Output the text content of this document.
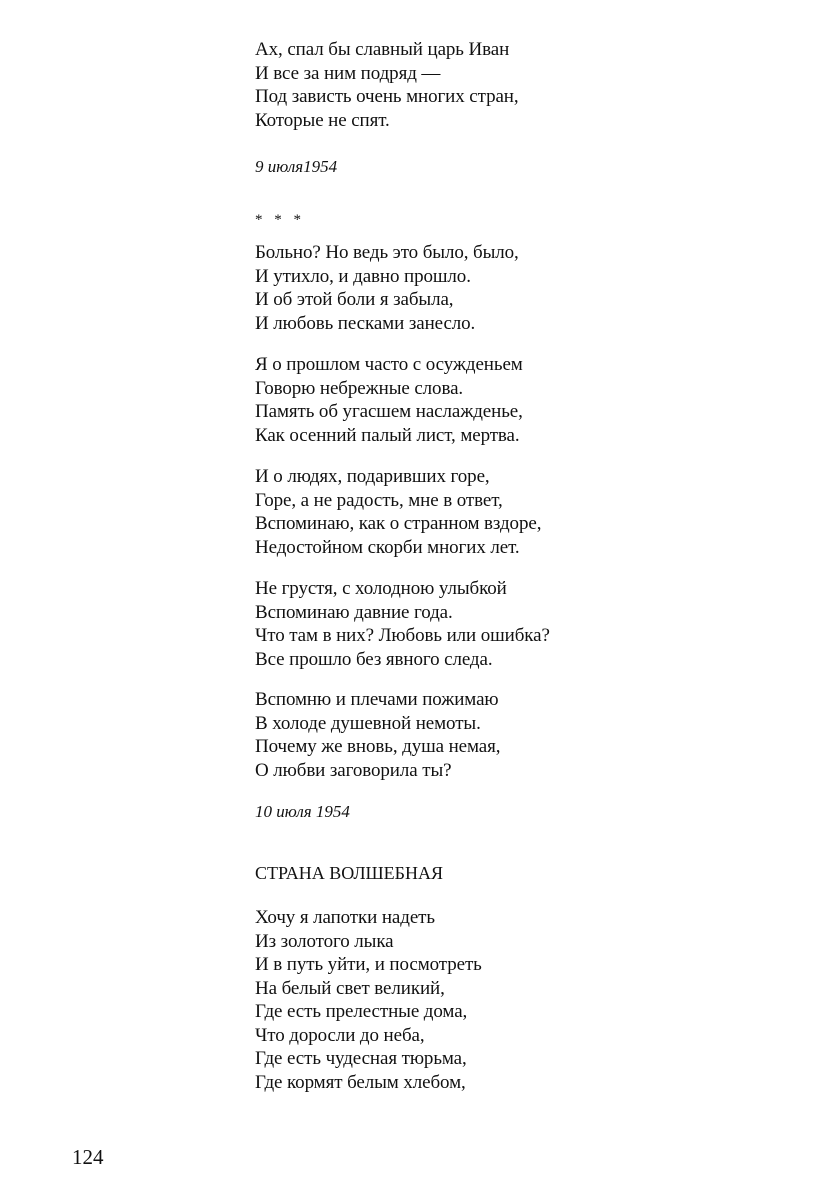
Ах, спал бы славный царь Иван
И все за ним подряд —
Под зависть очень многих стран,
Которые не спят.
9 июля1954
* * *
Больно? Но ведь это было, было,
И утихло, и давно прошло.
И об этой боли я забыла,
И любовь песками занесло.
Я о прошлом часто с осужденьем
Говорю небрежные слова.
Память об угасшем наслажденье,
Как осенний палый лист, мертва.
И о людях, подаривших горе,
Горе, а не радость, мне в ответ,
Вспоминаю, как о странном вздоре,
Недостойном скорби многих лет.
Не грустя, с холодною улыбкой
Вспоминаю давние года.
Что там в них? Любовь или ошибка?
Все прошло без явного следа.
Вспомню и плечами пожимаю
В холоде душевной немоты.
Почему же вновь, душа немая,
О любви заговорила ты?
10 июля 1954
СТРАНА ВОЛШЕБНАЯ
Хочу я лапотки надеть
Из золотого лыка
И в путь уйти, и посмотреть
На белый свет великий,
Где есть прелестные дома,
Что доросли до неба,
Где есть чудесная тюрьма,
Где кормят белым хлебом,
124
